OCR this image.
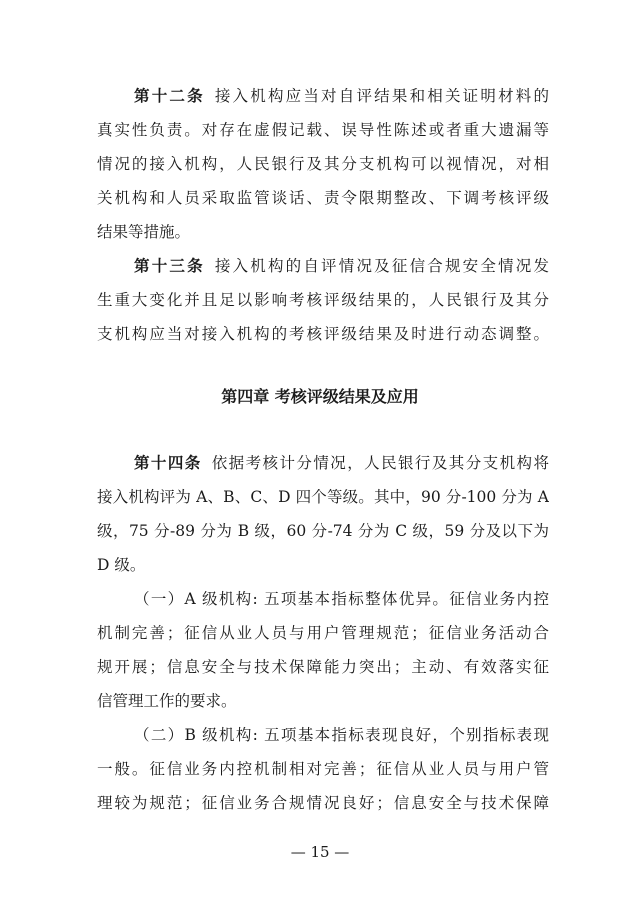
第十二条 接入机构应当对自评结果和相关证明材料的
真实性负责。对存在虚假记载、误导性陈述或者重大遗漏等
情况的接入机构，人民银行及其分支机构可以视情况，对相
关机构和人员采取监管谈话、责令限期整改、下调考核评级
结果等措施。
第十三条 接入机构的自评情况及征信合规安全情况发
生重大变化并且足以影响考核评级结果的，人民银行及其分
支机构应当对接入机构的考核评级结果及时进行动态调整。
第四章 考核评级结果及应用
第十四条 依据考核计分情况，人民银行及其分支机构将
接入机构评为 A、B、C、D 四个等级。其中，90 分-100 分为 A
级，75 分-89 分为 B 级，60 分-74 分为 C 级，59 分及以下为
D 级。
（一）A 级机构: 五项基本指标整体优异。征信业务内控
机制完善；征信从业人员与用户管理规范；征信业务活动合
规开展；信息安全与技术保障能力突出；主动、有效落实征
信管理工作的要求。
（二）B 级机构: 五项基本指标表现良好，个别指标表现
一般。征信业务内控机制相对完善；征信从业人员与用户管
理较为规范；征信业务合规情况良好；信息安全与技术保障
— 15 —
